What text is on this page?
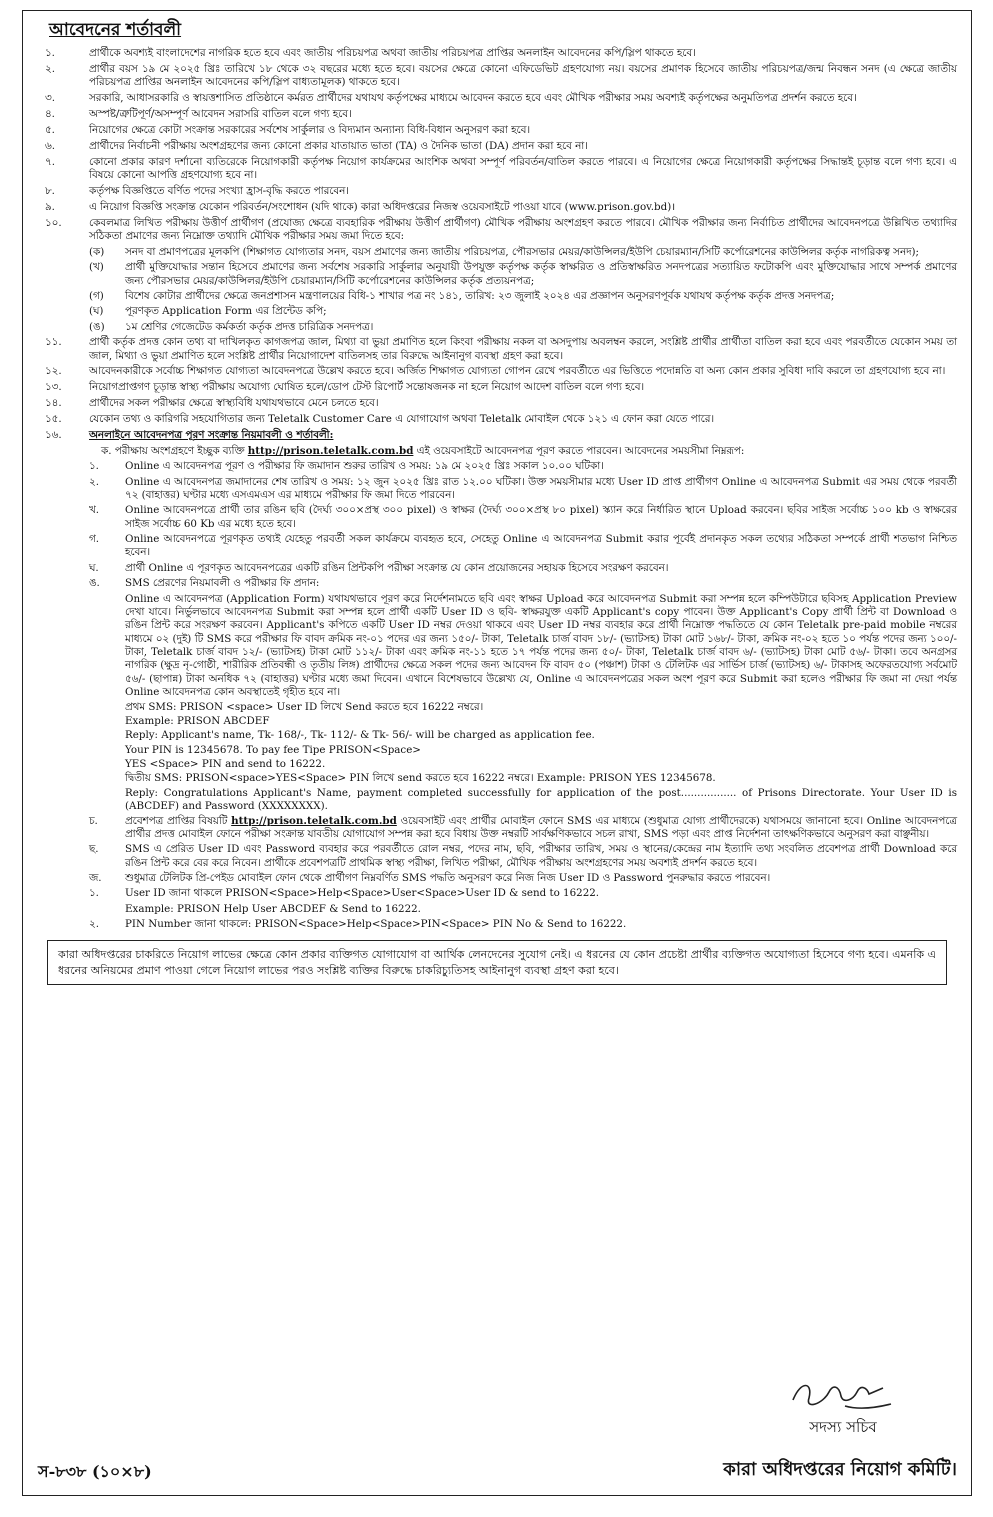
আবেদনের শর্তাবলী
১.	প্রার্থীকে অবশ্যই বাংলাদেশের নাগরিক হতে হবে এবং জাতীয় পরিচয়পত্র অথবা জাতীয় পরিচয়পত্র প্রাপ্তির অনলাইন আবেদনের কপি/স্লিপ থাকতে হবে।
২.	প্রার্থীর বয়স ১৯ মে ২০২৫ খ্রিঃ তারিখে ১৮ থেকে ৩২ বছরের মধ্যে হতে হবে। বয়সের ক্ষেত্রে কোনো এফিডেভিট গ্রহণযোগ্য নয়। বয়সের প্রমাণক হিসেবে জাতীয় পরিচয়পত্র/জন্ম নিবন্ধন সনদ (এ ক্ষেত্রে জাতীয় পরিচয়পত্র প্রাপ্তির অনলাইন আবেদনের কপি/স্লিপ বাধ্যতামূলক) থাকতে হবে।
৩.	সরকারি, আধাসরকারি ও স্বায়ত্তশাসিত প্রতিষ্ঠানে কর্মরত প্রার্থীদের যথাযথ কর্তৃপক্ষের মাধ্যমে আবেদন করতে হবে এবং মৌখিক পরীক্ষার সময় অবশ্যই কর্তৃপক্ষের অনুমতিপত্র প্রদর্শন করতে হবে।
৪.	অস্পষ্ট/ত্রুটিপূর্ণ/অসম্পূর্ণ আবেদন সরাসরি বাতিল বলে গণ্য হবে।
৫.	নিয়োগের ক্ষেত্রে কোটা সংক্রান্ত সরকারের সর্বশেষ সার্কুলার ও বিদ্যমান অন্যান্য বিধি-বিধান অনুসরণ করা হবে।
৬.	প্রার্থীদের নির্বাচনী পরীক্ষায় অংশগ্রহণের জন্য কোনো প্রকার যাতায়াত ভাতা (TA) ও দৈনিক ভাতা (DA) প্রদান করা হবে না।
৭.	কোনো প্রকার কারণ দর্শানো ব্যতিরেকে নিয়োগকারী কর্তৃপক্ষ নিয়োগ কার্যক্রমের আংশিক অথবা সম্পূর্ণ পরিবর্তন/বাতিল করতে পারবে। এ নিয়োগের ক্ষেত্রে নিয়োগকারী কর্তৃপক্ষের সিদ্ধান্তই চূড়ান্ত বলে গণ্য হবে। এ বিষয়ে কোনো আপত্তি গ্রহণযোগ্য হবে না।
৮.	কর্তৃপক্ষ বিজ্ঞপ্তিতে বর্ণিত পদের সংখ্যা হ্রাস-বৃদ্ধি করতে পারবেন।
৯.	এ নিয়োগ বিজ্ঞপ্তি সংক্রান্ত যেকোন পরিবর্তন/সংশোধন (যদি থাকে) কারা অধিদপ্তরের নিজস্ব ওয়েবসাইটে পাওয়া যাবে (www.prison.gov.bd)।
১০.	কেবলমাত্র লিখিত পরীক্ষায় উত্তীর্ণ প্রার্থীগণ (প্রযোজ্য ক্ষেত্রে ব্যবহারিক পরীক্ষায় উত্তীর্ণ প্রার্থীগণ) মৌখিক পরীক্ষায় অংশগ্রহণ করতে পারবে। মৌখিক পরীক্ষার জন্য নির্বাচিত প্রার্থীদের আবেদনপত্রে উল্লিখিত তথ্যাদির সঠিকতা প্রমাণের জন্য নিম্নোক্ত তথ্যাদি মৌখিক পরীক্ষার সময় জমা দিতে হবে:
(ক)	সনদ বা প্রমাণপত্রের মূলকপি (শিক্ষাগত যোগ্যতার সনদ, বয়স প্রমাণের জন্য জাতীয় পরিচয়পত্র, পৌরসভার মেয়র/কাউন্সিলর/ইউপি চেয়ারম্যান/সিটি কর্পোরেশনের কাউন্সিলর কর্তৃক নাগরিকত্ব সনদ);
(খ)	প্রার্থী মুক্তিযোদ্ধার সন্তান হিসেবে প্রমাণের জন্য সর্বশেষ সরকারি সার্কুলার অনুযায়ী উপযুক্ত কর্তৃপক্ষ কর্তৃক স্বাক্ষরিত ও প্রতিস্বাক্ষরিত সনদপত্রের সত্যায়িত ফটোকপি এবং মুক্তিযোদ্ধার সাথে সম্পর্ক প্রমাণের জন্য পৌরসভার মেয়র/কাউন্সিলর/ইউপি চেয়ারম্যান/সিটি কর্পোরেশনের কাউন্সিলর কর্তৃক প্রত্যয়নপত্র;
(গ)	বিশেষ কোটার প্রার্থীদের ক্ষেত্রে জনপ্রশাসন মন্ত্রণালয়ের বিধি-১ শাখার পত্র নং ১৪১, তারিখ: ২৩ জুলাই ২০২৪ এর প্রজ্ঞাপন অনুসরণপূর্বক যথাযথ কর্তৃপক্ষ কর্তৃক প্রদত্ত সনদপত্র;
(ঘ)	পূরণকৃত Application Form এর প্রিন্টেড কপি;
(ঙ)	১ম শ্রেণির গেজেটেড কর্মকর্তা কর্তৃক প্রদত্ত চারিত্রিক সনদপত্র।
১১.	প্রার্থী কর্তৃক প্রদত্ত কোন তথ্য বা দাখিলকৃত কাগজপত্র জাল, মিথ্যা বা ভুয়া প্রমাণিত হলে কিংবা পরীক্ষায় নকল বা অসদুপায় অবলম্বন করলে, সংশ্লিষ্ট প্রার্থীর প্রার্থীতা বাতিল করা হবে এবং পরবর্তীতে যেকোন সময় তা জাল, মিথ্যা ও ভুয়া প্রমাণিত হলে সংশ্লিষ্ট প্রার্থীর নিয়োগাদেশ বাতিলসহ তার বিরুদ্ধে আইনানুগ ব্যবস্থা গ্রহণ করা হবে।
১২.	আবেদনকারীকে সর্বোচ্চ শিক্ষাগত যোগ্যতা আবেদনপত্রে উল্লেখ করতে হবে। অর্জিত শিক্ষাগত যোগ্যতা গোপন রেখে পরবর্তীতে এর ভিত্তিতে পদোন্নতি বা অন্য কোন প্রকার সুবিধা দাবি করলে তা গ্রহণযোগ্য হবে না।
১৩.	নিয়োগপ্রাপ্তগণ চূড়ান্ত স্বাস্থ্য পরীক্ষায় অযোগ্য ঘোষিত হলে/ডোপ টেস্ট রিপোর্ট সন্তোষজনক না হলে নিয়োগ আদেশ বাতিল বলে গণ্য হবে।
১৪.	প্রার্থীদের সকল পরীক্ষার ক্ষেত্রে স্বাস্থ্যবিধি যথাযথভাবে মেনে চলতে হবে।
১৫.	যেকোন তথ্য ও কারিগরি সহযোগিতার জন্য Teletalk Customer Care এ যোগাযোগ অথবা Teletalk মোবাইল থেকে ১২১ এ ফোন করা যেতে পারে।
১৬.	অনলাইনে আবেদনপত্র পূরণ সংক্রান্ত নিয়মাবলী ও শর্তাবলী:
ক. পরীক্ষায় অংশগ্রহণে ইচ্ছুক ব্যক্তি http://prison.teletalk.com.bd এই ওয়েবসাইটে আবেদনপত্র পূরণ করতে পারবেন। আবেদনের সময়সীমা নিম্নরূপ:
১.	Online এ আবেদনপত্র পূরণ ও পরীক্ষার ফি জমাদান শুরুর তারিখ ও সময়: ১৯ মে ২০২৫ খ্রিঃ সকাল ১০.০০ ঘটিকা।
২.	Online এ আবেদনপত্র জমাদানের শেষ তারিখ ও সময়: ১২ জুন ২০২৫ খ্রিঃ রাত ১২.০০ ঘটিকা। উক্ত সময়সীমার মধ্যে User ID প্রাপ্ত প্রার্থীগণ Online এ আবেদনপত্র Submit এর সময় থেকে পরবর্তী ৭২ (বাহাত্তর) ঘণ্টার মধ্যে এসএমএস এর মাধ্যমে পরীক্ষার ফি জমা দিতে পারবেন।
খ.	Online আবেদনপত্রে প্রার্থী তার রঙিন ছবি (দৈর্ঘ্য ৩০০×প্রস্থ ৩০০ pixel) ও স্বাক্ষর (দৈর্ঘ্য ৩০০×প্রস্থ ৮০ pixel) স্ক্যান করে নির্ধারিত স্থানে Upload করবেন। ছবির সাইজ সর্বোচ্চ ১০০ kb ও স্বাক্ষরের সাইজ সর্বোচ্চ 60 Kb এর মধ্যে হতে হবে।
গ.	Online আবেদনপত্রে পূরণকৃত তথ্যই যেহেতু পরবর্তী সকল কার্যক্রমে ব্যবহৃত হবে, সেহেতু Online এ আবেদনপত্র Submit করার পূর্বেই প্রদানকৃত সকল তথ্যের সঠিকতা সম্পর্কে প্রার্থী শতভাগ নিশ্চিত হবেন।
ঘ.	প্রার্থী Online এ পূরণকৃত আবেদনপত্রের একটি রঙিন প্রিন্টকপি পরীক্ষা সংক্রান্ত যে কোন প্রয়োজনের সহায়ক হিসেবে সংরক্ষণ করবেন।
ঙ.	SMS প্রেরণের নিয়মাবলী ও পরীক্ষার ফি প্রদান:
Online এ আবেদনপত্র (Application Form) যথাযথভাবে পূরণ করে নির্দেশনামতে ছবি এবং স্বাক্ষর Upload করে আবেদনপত্র Submit করা সম্পন্ন হলে কম্পিউটারে ছবিসহ Application Preview দেখা যাবে। নির্ভুলভাবে আবেদনপত্র Submit করা সম্পন্ন হলে প্রার্থী একটি User ID ও ছবি- স্বাক্ষরযুক্ত একটি Applicant's copy পাবেন। উক্ত Applicant's Copy প্রার্থী প্রিন্ট বা Download ও রঙিন প্রিন্ট করে সংরক্ষণ করবেন। Applicant's কপিতে একটি User ID নম্বর দেওয়া থাকবে এবং User ID নম্বর ব্যবহার করে প্রার্থী নিম্নোক্ত পদ্ধতিতে যে কোন Teletalk pre-paid mobile নম্বরের মাধ্যমে ০২ (দুই) টি SMS করে পরীক্ষার ফি বাবদ ক্রমিক নং-০১ পদের এর জন্য ১৫০/- টাকা, Teletalk চার্জ বাবদ ১৮/- (ভ্যাটসহ) টাকা মোট ১৬৮/- টাকা, ক্রমিক নং-০২ হতে ১০ পর্যন্ত পদের জন্য ১০০/- টাকা, Teletalk চার্জ বাবদ ১২/- (ভ্যাটসহ) টাকা মোট ১১২/- টাকা এবং ক্রমিক নং-১১ হতে ১৭ পর্যন্ত পদের জন্য ৫০/- টাকা, Teletalk চার্জ বাবদ ৬/- (ভ্যাটসহ) টাকা মোট ৫৬/- টাকা। তবে অনগ্রসর নাগরিক (ক্ষুদ্র নৃ-গোষ্ঠী, শারীরিক প্রতিবন্ধী ও তৃতীয় লিঙ্গ) প্রার্থীদের ক্ষেত্রে সকল পদের জন্য আবেদন ফি বাবদ ৫০ (পঞ্চাশ) টাকা ও টেলিটক এর সার্ভিস চার্জ (ভ্যাটসহ) ৬/- টাকাসহ অফেরতযোগ্য সর্বমোট ৫৬/- (ছাপান্ন) টাকা অনধিক ৭২ (বাহাত্তর) ঘণ্টার মধ্যে জমা দিবেন। এখানে বিশেষভাবে উল্লেখ্য যে, Online এ আবেদনপত্রের সকল অংশ পূরণ করে Submit করা হলেও পরীক্ষার ফি জমা না দেয়া পর্যন্ত Online আবেদনপত্র কোন অবস্থাতেই গৃহীত হবে না।
প্রথম SMS: PRISON <space> User ID লিখে Send করতে হবে 16222 নম্বরে।
Example: PRISON ABCDEF
Reply: Applicant's name, Tk- 168/-, Tk- 112/- & Tk- 56/- will be charged as application fee.
Your PIN is 12345678. To pay fee Tipe PRISON<Space>
YES <Space> PIN and send to 16222.
দ্বিতীয় SMS: PRISON<space>YES<Space> PIN লিখে send করতে হবে 16222 নম্বরে। Example: PRISON YES 12345678.
Reply: Congratulations Applicant's Name, payment completed successfully for application of the post................. of Prisons Directorate. Your User ID is (ABCDEF) and Password (XXXXXXXX).
চ.	প্রবেশপত্র প্রাপ্তির বিষয়টি http://prison.teletalk.com.bd ওয়েবসাইট এবং প্রার্থীর মোবাইল ফোনে SMS এর মাধ্যমে (শুধুমাত্র যোগ্য প্রার্থীদেরকে) যথাসময়ে জানানো হবে। Online আবেদনপত্রে প্রার্থীর প্রদত্ত মোবাইল ফোনে পরীক্ষা সংক্রান্ত যাবতীয় যোগাযোগ সম্পন্ন করা হবে বিধায় উক্ত নম্বরটি সার্বক্ষণিকভাবে সচল রাখা, SMS পড়া এবং প্রাপ্ত নির্দেশনা তাৎক্ষণিকভাবে অনুসরণ করা বাঞ্ছনীয়।
ছ.	SMS এ প্রেরিত User ID এবং Password ব্যবহার করে পরবর্তীতে রোল নম্বর, পদের নাম, ছবি, পরীক্ষার তারিখ, সময় ও স্থানের/কেন্দ্রের নাম ইত্যাদি তথ্য সংবলিত প্রবেশপত্র প্রার্থী Download করে রঙিন প্রিন্ট করে বের করে নিবেন। প্রার্থীকে প্রবেশপত্রটি প্রাথমিক স্বাস্থ্য পরীক্ষা, লিখিত পরীক্ষা, মৌখিক পরীক্ষায় অংশগ্রহণের সময় অবশ্যই প্রদর্শন করতে হবে।
জ.	শুধুমাত্র টেলিটক প্রি-পেইড মোবাইল ফোন থেকে প্রার্থীগণ নিম্নবর্ণিত SMS পদ্ধতি অনুসরণ করে নিজ নিজ User ID ও Password পুনরুদ্ধার করতে পারবেন।
১.	User ID জানা থাকলে PRISON<Space>Help<Space>User<Space>User ID & send to 16222.
Example: PRISON Help User ABCDEF & Send to 16222.
২.	PIN Number জানা থাকলে: PRISON<Space>Help<Space>PIN<Space> PIN No & Send to 16222.
কারা অধিদপ্তরের চাকরিতে নিয়োগ লাভের ক্ষেত্রে কোন প্রকার ব্যক্তিগত যোগাযোগ বা আর্থিক লেনদেনের সুযোগ নেই। এ ধরনের যে কোন প্রচেষ্টা প্রার্থীর ব্যক্তিগত অযোগ্যতা হিসেবে গণ্য হবে। এমনকি এ ধরনের অনিয়মের প্রমাণ পাওয়া গেলে নিয়োগ লাভের পরও সংশ্লিষ্ট ব্যক্তির বিরুদ্ধে চাকরিচ্যুতিসহ আইনানুগ ব্যবস্থা গ্রহণ করা হবে।
সদস্য সচিব
কারা অধিদপ্তরের নিয়োগ কমিটি।
স-৮৩৮ (১০×৮)
